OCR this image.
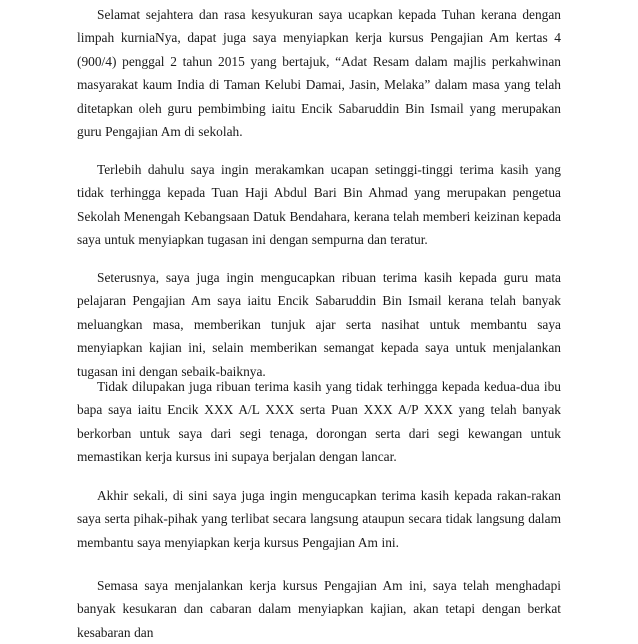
Selamat sejahtera dan rasa kesyukuran saya ucapkan kepada Tuhan kerana dengan limpah kurniaNya, dapat juga saya menyiapkan kerja kursus Pengajian Am kertas 4 (900/4) penggal 2 tahun 2015 yang bertajuk, “Adat Resam dalam majlis perkahwinan masyarakat kaum India di Taman Kelubi Damai, Jasin, Melaka” dalam masa yang telah ditetapkan oleh guru pembimbing iaitu Encik Sabaruddin Bin Ismail yang merupakan guru Pengajian Am di sekolah.

Terlebih dahulu saya ingin merakamkan ucapan setinggi-tinggi terima kasih yang tidak terhingga kepada Tuan Haji Abdul Bari Bin Ahmad yang merupakan pengetua Sekolah Menengah Kebangsaan Datuk Bendahara, kerana telah memberi keizinan kepada saya untuk menyiapkan tugasan ini dengan sempurna dan teratur.

Seterusnya, saya juga ingin mengucapkan ribuan terima kasih kepada guru mata pelajaran Pengajian Am saya iaitu Encik Sabaruddin Bin Ismail kerana telah banyak meluangkan masa, memberikan tunjuk ajar serta nasihat untuk membantu saya menyiapkan kajian ini, selain memberikan semangat kepada saya untuk menjalankan tugasan ini dengan sebaik-baiknya.

Tidak dilupakan juga ribuan terima kasih yang tidak terhingga kepada kedua-dua ibu bapa saya iaitu Encik XXX A/L XXX serta Puan XXX A/P XXX yang telah banyak berkorban untuk saya dari segi tenaga, dorongan serta dari segi kewangan untuk memastikan kerja kursus ini supaya berjalan dengan lancar.

Akhir sekali, di sini saya juga ingin mengucapkan terima kasih kepada rakan-rakan saya serta pihak-pihak yang terlibat secara langsung ataupun secara tidak langsung dalam membantu saya menyiapkan kerja kursus Pengajian Am ini.

Semasa saya menjalankan kerja kursus Pengajian Am ini, saya telah menghadapi banyak kesukaran dan cabaran dalam menyiapkan kajian, akan tetapi dengan berkat kesabaran dan
